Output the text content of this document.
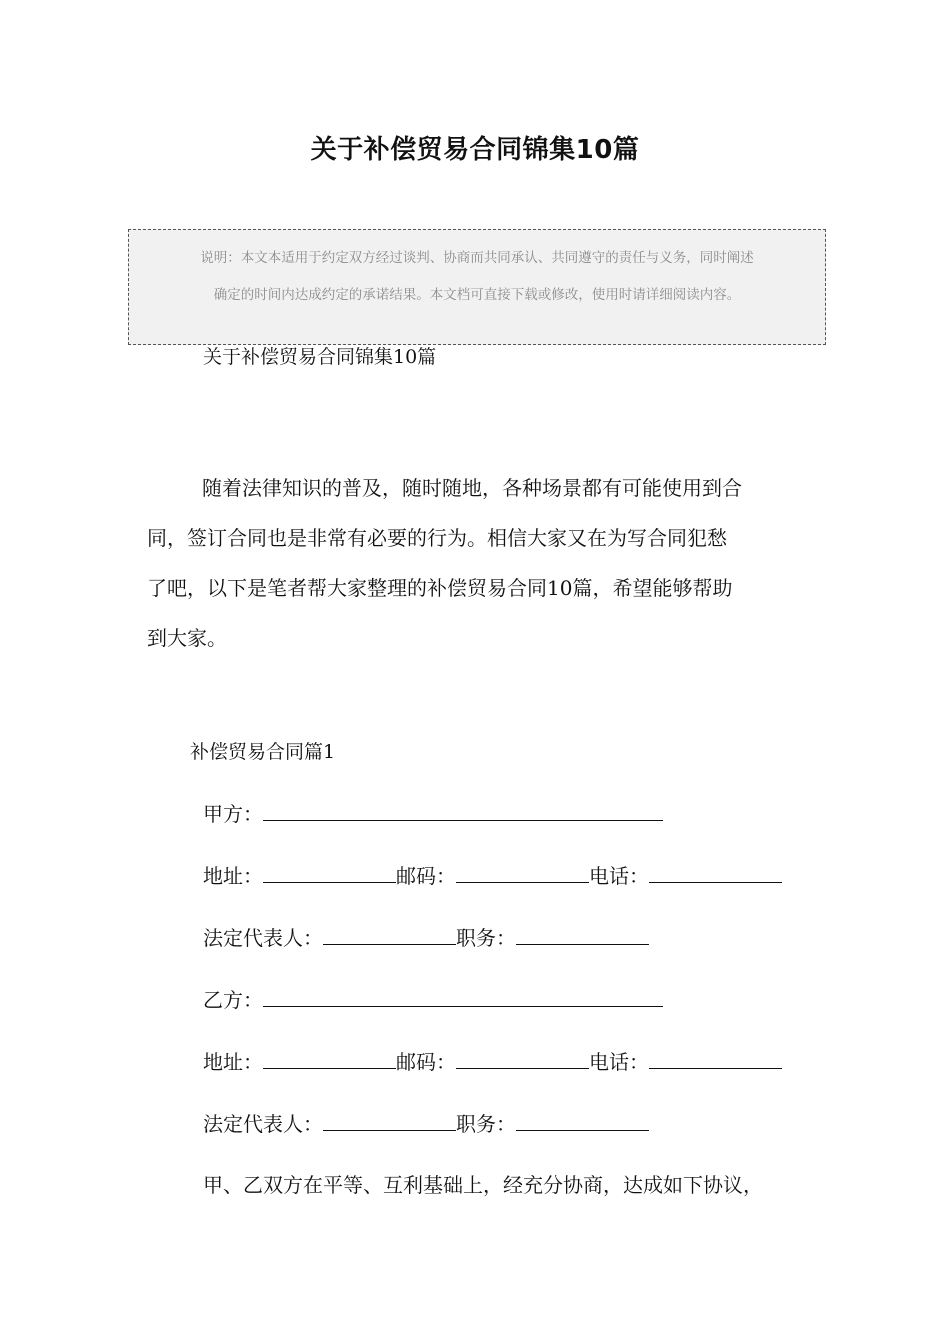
关于补偿贸易合同锦集10篇
说明：本文本适用于约定双方经过谈判、协商而共同承认、共同遵守的责任与义务，同时阐述
确定的时间内达成约定的承诺结果。本文档可直接下载或修改，使用时请详细阅读内容。
关于补偿贸易合同锦集10篇
随着法律知识的普及，随时随地，各种场景都有可能使用到合
同，签订合同也是非常有必要的行为。相信大家又在为写合同犯愁
了吧，以下是笔者帮大家整理的补偿贸易合同10篇，希望能够帮助
到大家。
补偿贸易合同篇1
甲方：
地址：	邮码：	电话：
法定代表人：	职务：
乙方：
地址：	邮码：	电话：
法定代表人：	职务：
甲、乙双方在平等、互利基础上，经充分协商，达成如下协议，
